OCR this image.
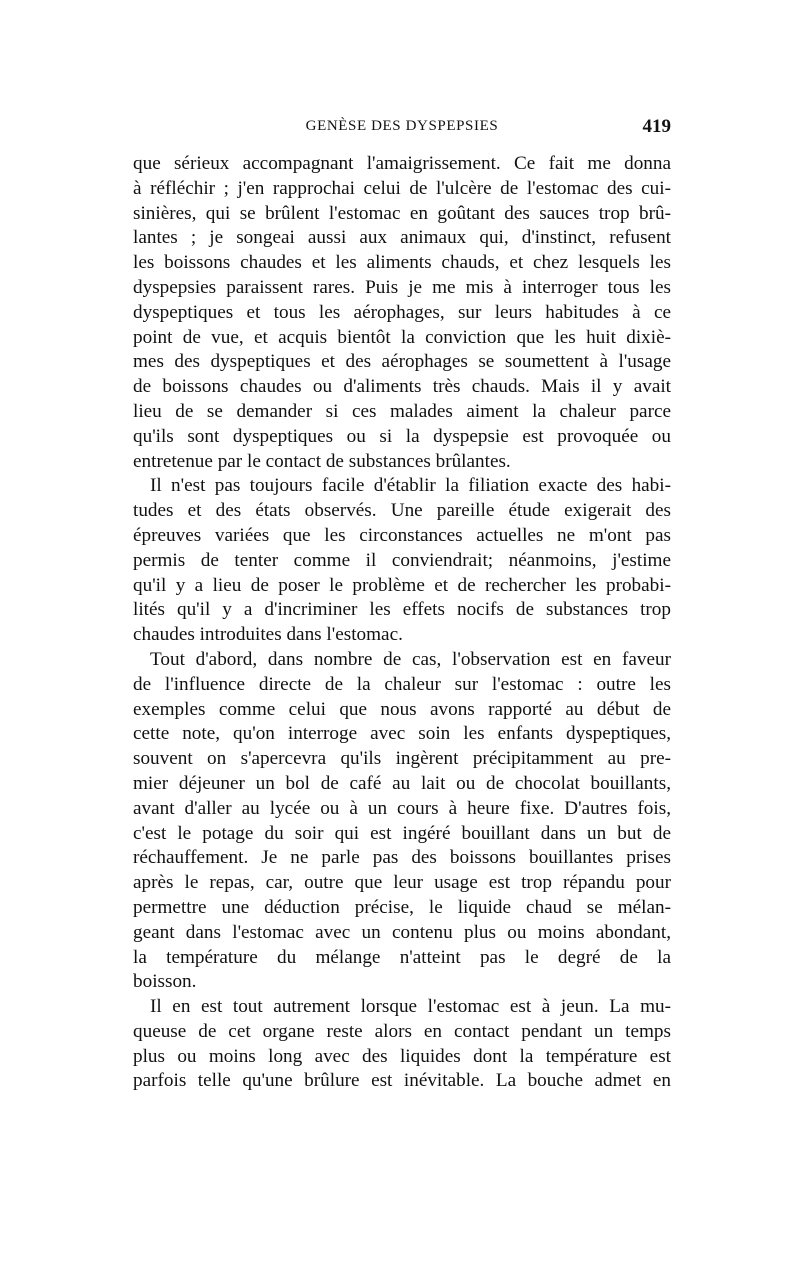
GENÈSE DES DYSPEPSIES	419
que sérieux accompagnant l'amaigrissement. Ce fait me donna
à réfléchir ; j'en rapprochai celui de l'ulcère de l'estomac des cui-
sinières, qui se brûlent l'estomac en goûtant des sauces trop brû-
lantes ; je songeai aussi aux animaux qui, d'instinct, refusent
les boissons chaudes et les aliments chauds, et chez lesquels les
dyspepsies paraissent rares. Puis je me mis à interroger tous les
dyspeptiques et tous les aérophages, sur leurs habitudes à ce
point de vue, et acquis bientôt la conviction que les huit dixiè-
mes des dyspeptiques et des aérophages se soumettent à l'usage
de boissons chaudes ou d'aliments très chauds. Mais il y avait
lieu de se demander si ces malades aiment la chaleur parce
qu'ils sont dyspeptiques ou si la dyspepsie est provoquée ou
entretenue par le contact de substances brûlantes.
Il n'est pas toujours facile d'établir la filiation exacte des habi-
tudes et des états observés. Une pareille étude exigerait des
épreuves variées que les circonstances actuelles ne m'ont pas
permis de tenter comme il conviendrait; néanmoins, j'estime
qu'il y a lieu de poser le problème et de rechercher les probabi-
lités qu'il y a d'incriminer les effets nocifs de substances trop
chaudes introduites dans l'estomac.
Tout d'abord, dans nombre de cas, l'observation est en faveur
de l'influence directe de la chaleur sur l'estomac : outre les
exemples comme celui que nous avons rapporté au début de
cette note, qu'on interroge avec soin les enfants dyspeptiques,
souvent on s'apercevra qu'ils ingèrent précipitamment au pre-
mier déjeuner un bol de café au lait ou de chocolat bouillants,
avant d'aller au lycée ou à un cours à heure fixe. D'autres fois,
c'est le potage du soir qui est ingéré bouillant dans un but de
réchauffement. Je ne parle pas des boissons bouillantes prises
après le repas, car, outre que leur usage est trop répandu pour
permettre une déduction précise, le liquide chaud se mélan-
geant dans l'estomac avec un contenu plus ou moins abondant,
la température du mélange n'atteint pas le degré de la
boisson.
Il en est tout autrement lorsque l'estomac est à jeun. La mu-
queuse de cet organe reste alors en contact pendant un temps
plus ou moins long avec des liquides dont la température est
parfois telle qu'une brûlure est inévitable. La bouche admet en
